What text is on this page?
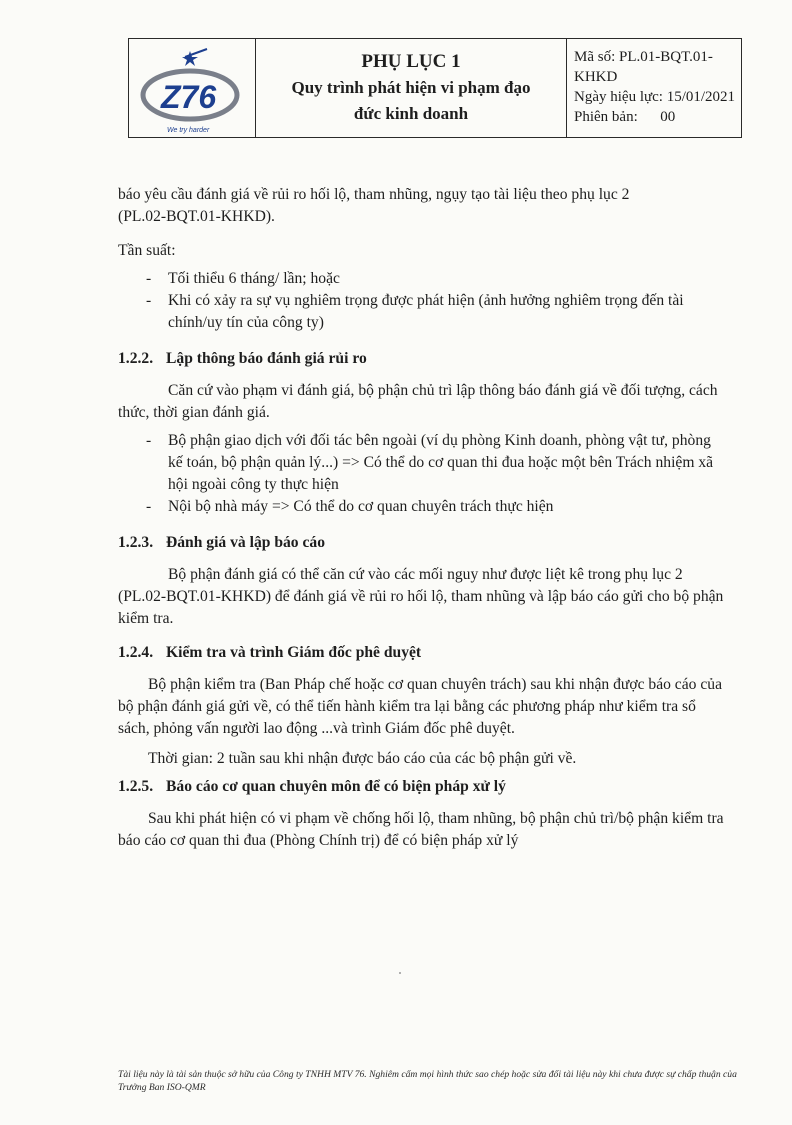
Z76
We try harder
PHỤ LỤC 1
Quy trình phát hiện vi phạm đạo
đức kinh doanh
Mã số: PL.01-BQT.01-
KHKD
Ngày hiệu lực: 15/01/2021
Phiên bản:      00

báo yêu cầu đánh giá về rủi ro hối lộ, tham nhũng, ngụy tạo tài liệu theo phụ lục 2

(PL.02-BQT.01-KHKD).

Tần suất:

- Tối thiểu 6 tháng/ lần; hoặc
- Khi có xảy ra sự vụ nghiêm trọng được phát hiện (ảnh hưởng nghiêm trọng đến tài chính/uy tín của công ty)

1.2.2. Lập thông báo đánh giá rủi ro

Căn cứ vào phạm vi đánh giá, bộ phận chủ trì lập thông báo đánh giá về đối tượng, cách thức, thời gian đánh giá.

- Bộ phận giao dịch với đối tác bên ngoài (ví dụ phòng Kinh doanh, phòng vật tư, phòng kế toán, bộ phận quản lý...) => Có thể do cơ quan thi đua hoặc một bên Trách nhiệm xã hội ngoài công ty thực hiện
- Nội bộ nhà máy => Có thể do cơ quan chuyên trách thực hiện

1.2.3. Đánh giá và lập báo cáo

Bộ phận đánh giá có thể căn cứ vào các mối nguy như được liệt kê trong phụ lục 2 (PL.02-BQT.01-KHKD) để đánh giá về rủi ro hối lộ, tham nhũng và lập báo cáo gửi cho bộ phận kiểm tra.

1.2.4. Kiểm tra và trình Giám đốc phê duyệt

Bộ phận kiểm tra (Ban Pháp chế hoặc cơ quan chuyên trách) sau khi nhận được báo cáo của bộ phận đánh giá gửi về, có thể tiến hành kiểm tra lại bằng các phương pháp như kiểm tra sổ sách, phỏng vấn người lao động ...và trình Giám đốc phê duyệt.

Thời gian: 2 tuần sau khi nhận được báo cáo của các bộ phận gửi về.

1.2.5. Báo cáo cơ quan chuyên môn để có biện pháp xử lý

Sau khi phát hiện có vi phạm về chống hối lộ, tham nhũng, bộ phận chủ trì/bộ phận kiểm tra báo cáo cơ quan thi đua (Phòng Chính trị) để có biện pháp xử lý

Tài liệu này là tài sản thuộc sở hữu của Công ty TNHH MTV 76. Nghiêm cấm mọi hình thức sao chép hoặc sửa đổi tài liệu này khi chưa được sự chấp thuận của Trưởng Ban ISO-QMR
